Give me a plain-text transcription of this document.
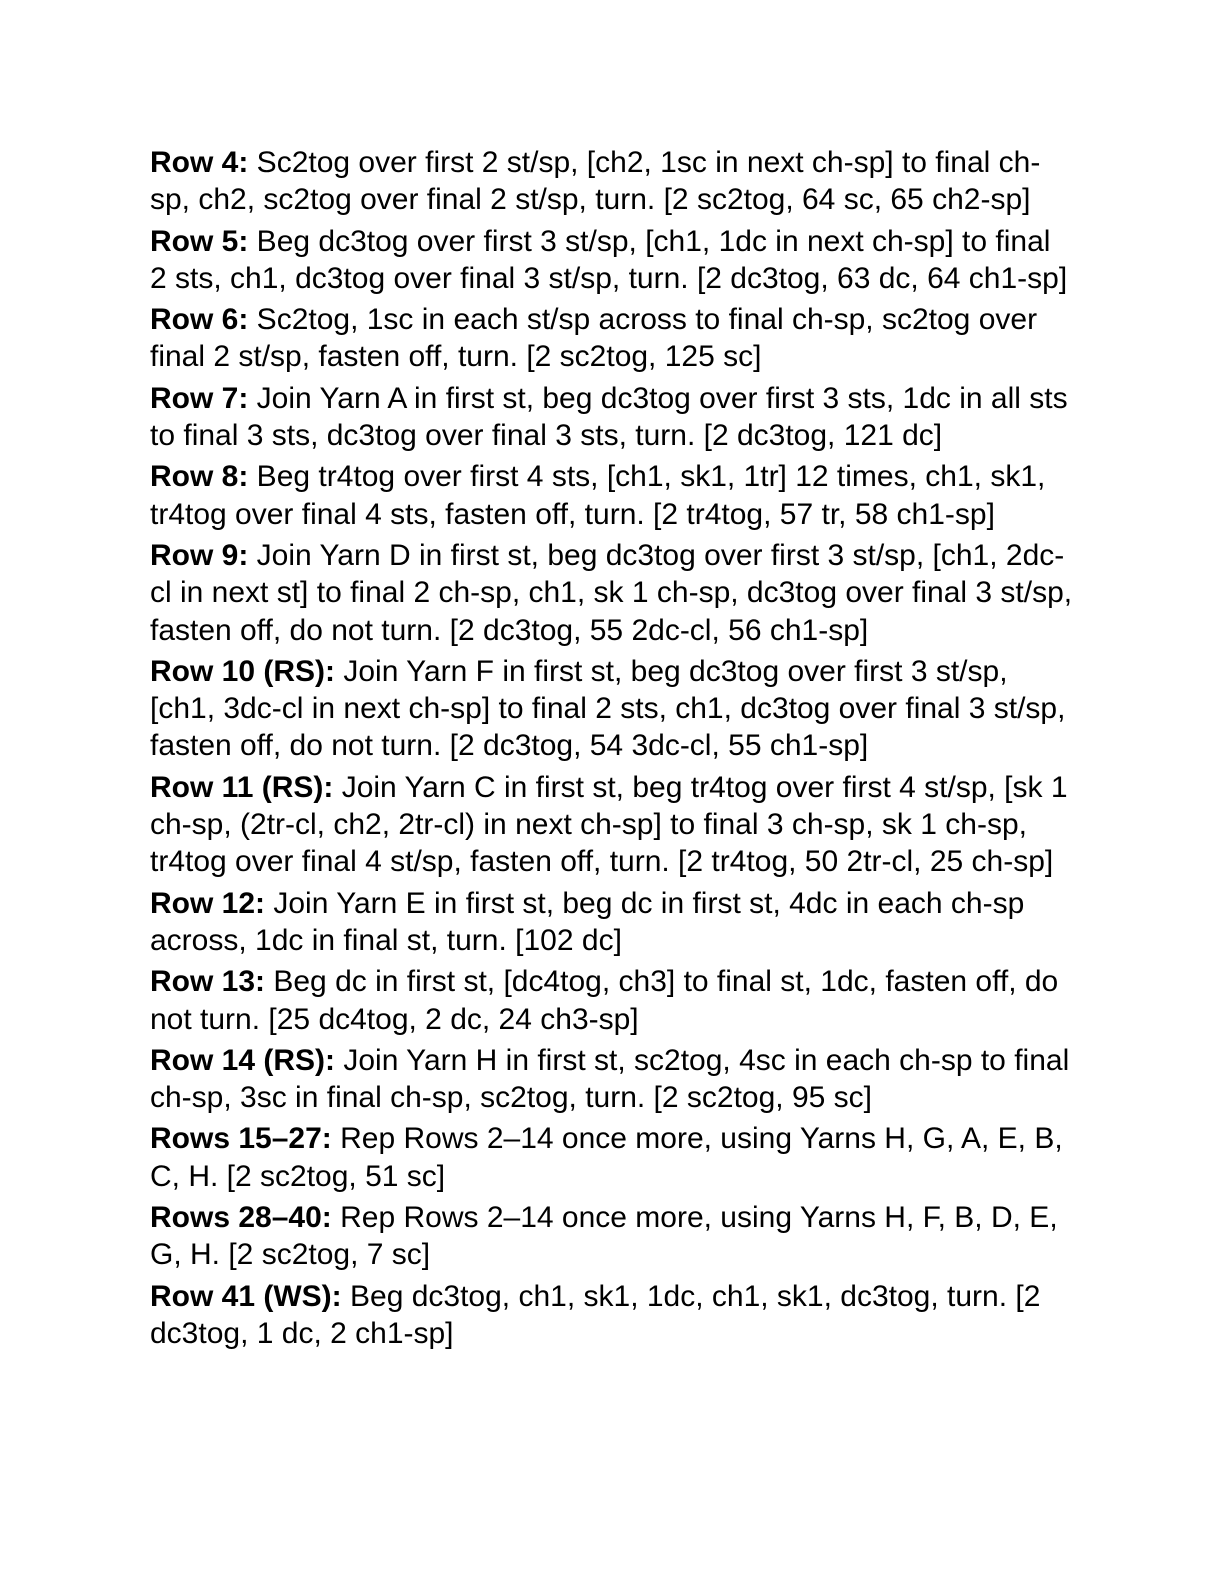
Row 4: Sc2tog over first 2 st/sp, [ch2, 1sc in next ch-sp] to final ch-sp, ch2, sc2tog over final 2 st/sp, turn. [2 sc2tog, 64 sc, 65 ch2-sp]

Row 5: Beg dc3tog over first 3 st/sp, [ch1, 1dc in next ch-sp] to final 2 sts, ch1, dc3tog over final 3 st/sp, turn. [2 dc3tog, 63 dc, 64 ch1-sp]

Row 6: Sc2tog, 1sc in each st/sp across to final ch-sp, sc2tog over final 2 st/sp, fasten off, turn. [2 sc2tog, 125 sc]

Row 7: Join Yarn A in first st, beg dc3tog over first 3 sts, 1dc in all sts to final 3 sts, dc3tog over final 3 sts, turn. [2 dc3tog, 121 dc]

Row 8: Beg tr4tog over first 4 sts, [ch1, sk1, 1tr] 12 times, ch1, sk1, tr4tog over final 4 sts, fasten off, turn. [2 tr4tog, 57 tr, 58 ch1-sp]

Row 9: Join Yarn D in first st, beg dc3tog over first 3 st/sp, [ch1, 2dc-cl in next st] to final 2 ch-sp, ch1, sk 1 ch-sp, dc3tog over final 3 st/sp, fasten off, do not turn. [2 dc3tog, 55 2dc-cl, 56 ch1-sp]

Row 10 (RS): Join Yarn F in first st, beg dc3tog over first 3 st/sp, [ch1, 3dc-cl in next ch-sp] to final 2 sts, ch1, dc3tog over final 3 st/sp, fasten off, do not turn. [2 dc3tog, 54 3dc-cl, 55 ch1-sp]

Row 11 (RS): Join Yarn C in first st, beg tr4tog over first 4 st/sp, [sk 1 ch-sp, (2tr-cl, ch2, 2tr-cl) in next ch-sp] to final 3 ch-sp, sk 1 ch-sp, tr4tog over final 4 st/sp, fasten off, turn. [2 tr4tog, 50 2tr-cl, 25 ch-sp]

Row 12: Join Yarn E in first st, beg dc in first st, 4dc in each ch-sp across, 1dc in final st, turn. [102 dc]

Row 13: Beg dc in first st, [dc4tog, ch3] to final st, 1dc, fasten off, do not turn. [25 dc4tog, 2 dc, 24 ch3-sp]

Row 14 (RS): Join Yarn H in first st, sc2tog, 4sc in each ch-sp to final ch-sp, 3sc in final ch-sp, sc2tog, turn. [2 sc2tog, 95 sc]

Rows 15–27: Rep Rows 2–14 once more, using Yarns H, G, A, E, B, C, H. [2 sc2tog, 51 sc]

Rows 28–40: Rep Rows 2–14 once more, using Yarns H, F, B, D, E, G, H. [2 sc2tog, 7 sc]

Row 41 (WS): Beg dc3tog, ch1, sk1, 1dc, ch1, sk1, dc3tog, turn. [2 dc3tog, 1 dc, 2 ch1-sp]
